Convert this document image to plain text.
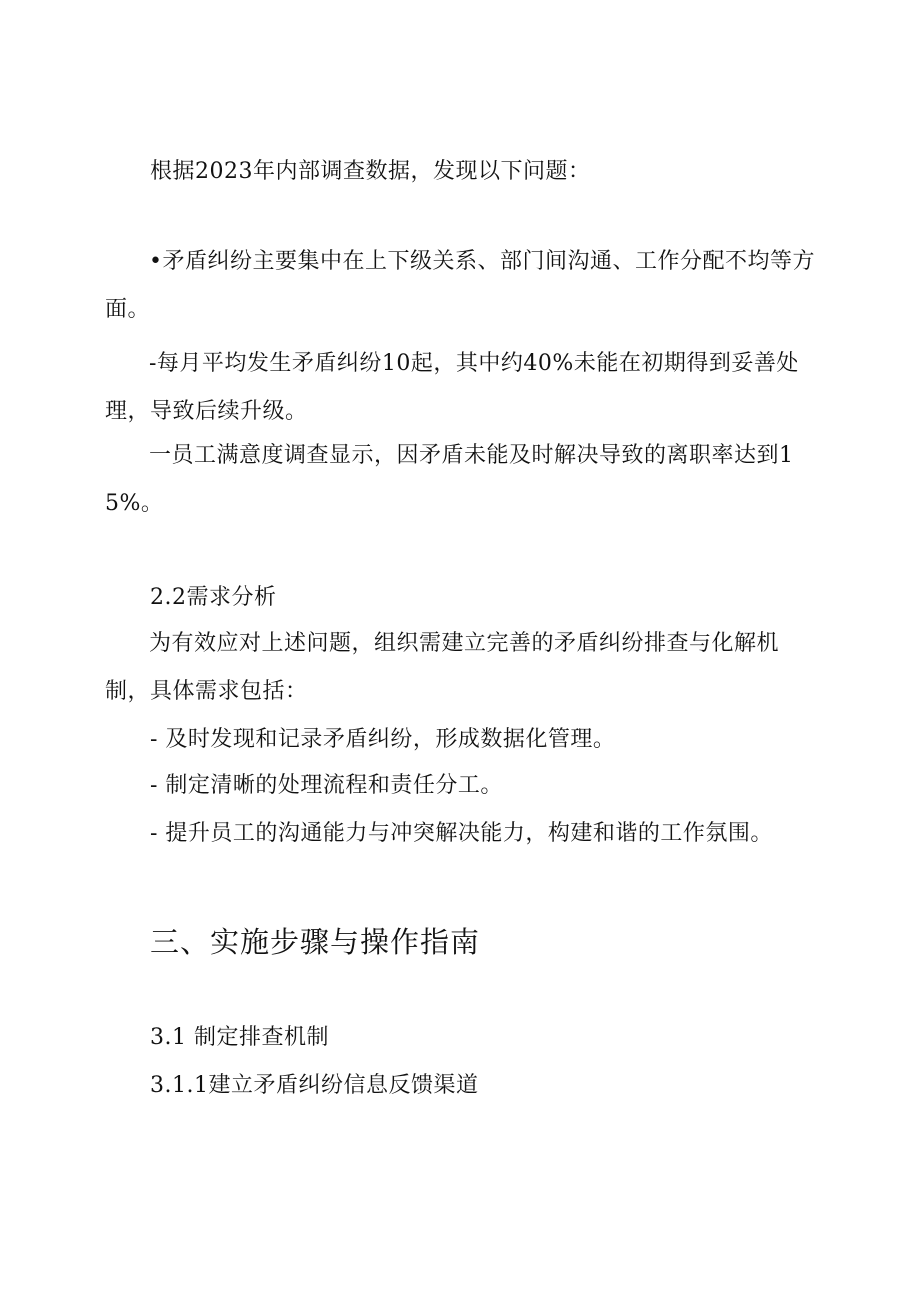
根据2023年内部调查数据，发现以下问题：

•矛盾纠纷主要集中在上下级关系、部门间沟通、工作分配不均等方面。

-每月平均发生矛盾纠纷10起，其中约40%未能在初期得到妥善处理，导致后续升级。

一员工满意度调查显示，因矛盾未能及时解决导致的离职率达到15%。

2.2需求分析

为有效应对上述问题，组织需建立完善的矛盾纠纷排查与化解机制，具体需求包括：

- 及时发现和记录矛盾纠纷，形成数据化管理。

- 制定清晰的处理流程和责任分工。

- 提升员工的沟通能力与冲突解决能力，构建和谐的工作氛围。

三、实施步骤与操作指南

3.1 制定排查机制

3.1.1建立矛盾纠纷信息反馈渠道
